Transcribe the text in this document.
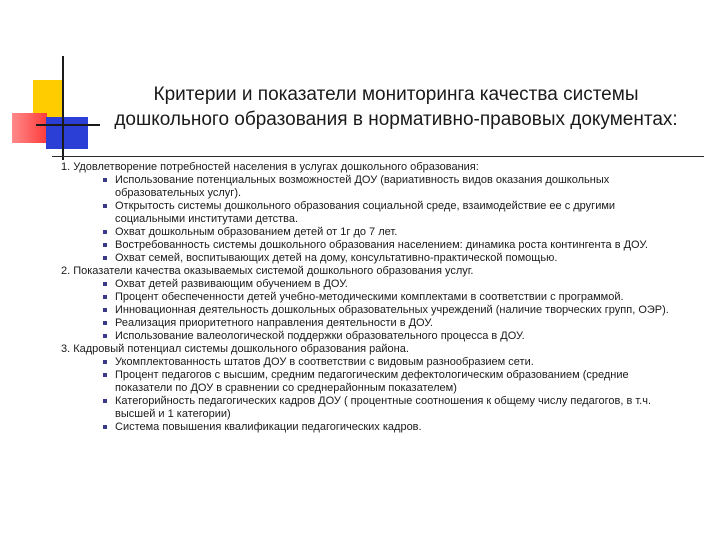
Критерии и показатели мониторинга качества системы
дошкольного образования в нормативно-правовых документах:
1. Удовлетворение потребностей населения в услугах дошкольного образования:
Использование потенциальных возможностей ДОУ (вариативность видов оказания дошкольных образовательных услуг).
Открытость системы дошкольного образования социальной среде, взаимодействие ее с другими социальными институтами детства.
Охват дошкольным образованием детей от 1г до 7 лет.
Востребованность системы дошкольного образования населением: динамика роста контингента в ДОУ.
Охват семей, воспитывающих детей на дому, консультативно-практической помощью.
2. Показатели качества оказываемых системой дошкольного образования услуг.
Охват детей развивающим обучением в ДОУ.
Процент обеспеченности детей учебно-методическими комплектами в соответствии с программой.
Инновационная деятельность дошкольных образовательных учреждений (наличие творческих групп, ОЭР).
Реализация приоритетного направления деятельности в ДОУ.
Использование валеологической поддержки образовательного процесса в ДОУ.
3. Кадровый потенциал системы дошкольного образования района.
Укомплектованность штатов ДОУ в соответствии с видовым разнообразием сети.
Процент педагогов с высшим, средним педагогическим дефектологическим образованием (средние показатели по ДОУ в сравнении со среднерайонным показателем)
Категорийность педагогических кадров ДОУ ( процентные соотношения к общему числу педагогов, в т.ч. высшей и 1 категории)
Система повышения квалификации педагогических кадров.
